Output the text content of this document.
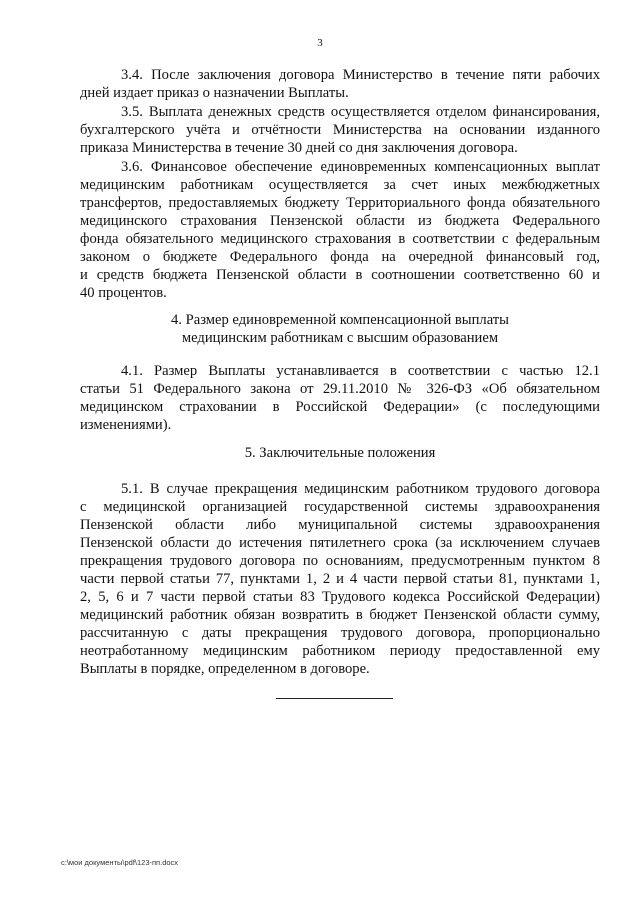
3

3.4. После заключения договора Министерство в течение пяти рабочих

дней издает приказ о назначении Выплаты.

3.5. Выплата денежных средств осуществляется отделом финансирования,

бухгалтерского учёта и отчётности Министерства на основании изданного

приказа Министерства в течение 30 дней со дня заключения договора.

3.6. Финансовое обеспечение единовременных компенсационных выплат

медицинским работникам осуществляется за счет иных межбюджетных

трансфертов, предоставляемых бюджету Территориального фонда обязательного

медицинского страхования Пензенской области из бюджета Федерального

фонда обязательного медицинского страхования в соответствии с федеральным

законом о бюджете Федерального фонда на очередной финансовый год,

и средств бюджета Пензенской области в соотношении соответственно 60 и

40 процентов.

4. Размер единовременной компенсационной выплаты

медицинским работникам с высшим образованием

4.1. Размер Выплаты устанавливается в соответствии с частью 12.1

статьи 51 Федерального закона от 29.11.2010 № 326-ФЗ «Об обязательном

медицинском страховании в Российской Федерации» (с последующими

изменениями).

5. Заключительные положения

5.1. В случае прекращения медицинским работником трудового договора

с медицинской организацией государственной системы здравоохранения

Пензенской области либо муниципальной системы здравоохранения

Пензенской области до истечения пятилетнего срока (за исключением случаев

прекращения трудового договора по основаниям, предусмотренным пунктом 8

части первой статьи 77, пунктами 1, 2 и 4 части первой статьи 81, пунктами 1,

2, 5, 6 и 7 части первой статьи 83 Трудового кодекса Российской Федерации)

медицинский работник обязан возвратить в бюджет Пензенской области сумму,

рассчитанную с даты прекращения трудового договора, пропорционально

неотработанному медицинским работником периоду предоставленной ему

Выплаты в порядке, определенном в договоре.

c:\мои документы\pdf\123-пп.docx
